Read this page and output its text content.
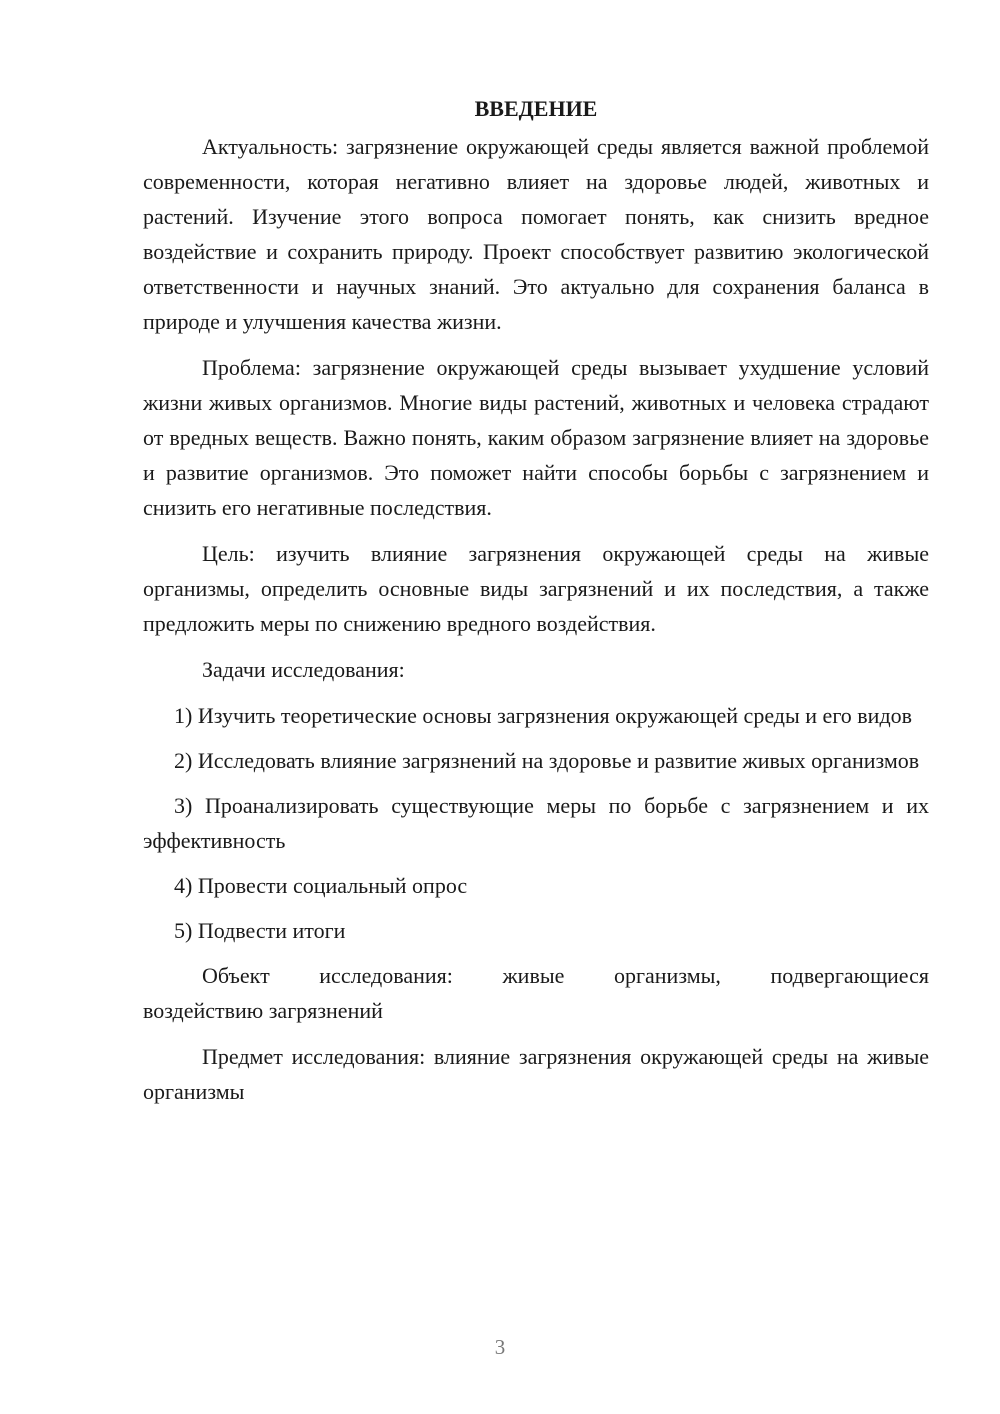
ВВЕДЕНИЕ

Актуальность: загрязнение окружающей среды является важной проблемой современности, которая негативно влияет на здоровье людей, животных и растений. Изучение этого вопроса помогает понять, как снизить вредное воздействие и сохранить природу. Проект способствует развитию экологической ответственности и научных знаний. Это актуально для сохранения баланса в природе и улучшения качества жизни.

Проблема: загрязнение окружающей среды вызывает ухудшение условий жизни живых организмов. Многие виды растений, животных и человека страдают от вредных веществ. Важно понять, каким образом загрязнение влияет на здоровье и развитие организмов. Это поможет найти способы борьбы с загрязнением и снизить его негативные последствия.

Цель: изучить влияние загрязнения окружающей среды на живые организмы, определить основные виды загрязнений и их последствия, а также предложить меры по снижению вредного воздействия.

Задачи исследования:

1) Изучить теоретические основы загрязнения окружающей среды и его видов

2) Исследовать влияние загрязнений на здоровье и развитие живых организмов

3) Проанализировать существующие меры по борьбе с загрязнением и их эффективность

4) Провести социальный опрос

5) Подвести итоги

Объект исследования: живые организмы, подвергающиеся
воздействию загрязнений

Предмет исследования: влияние загрязнения окружающей среды на живые организмы

3
